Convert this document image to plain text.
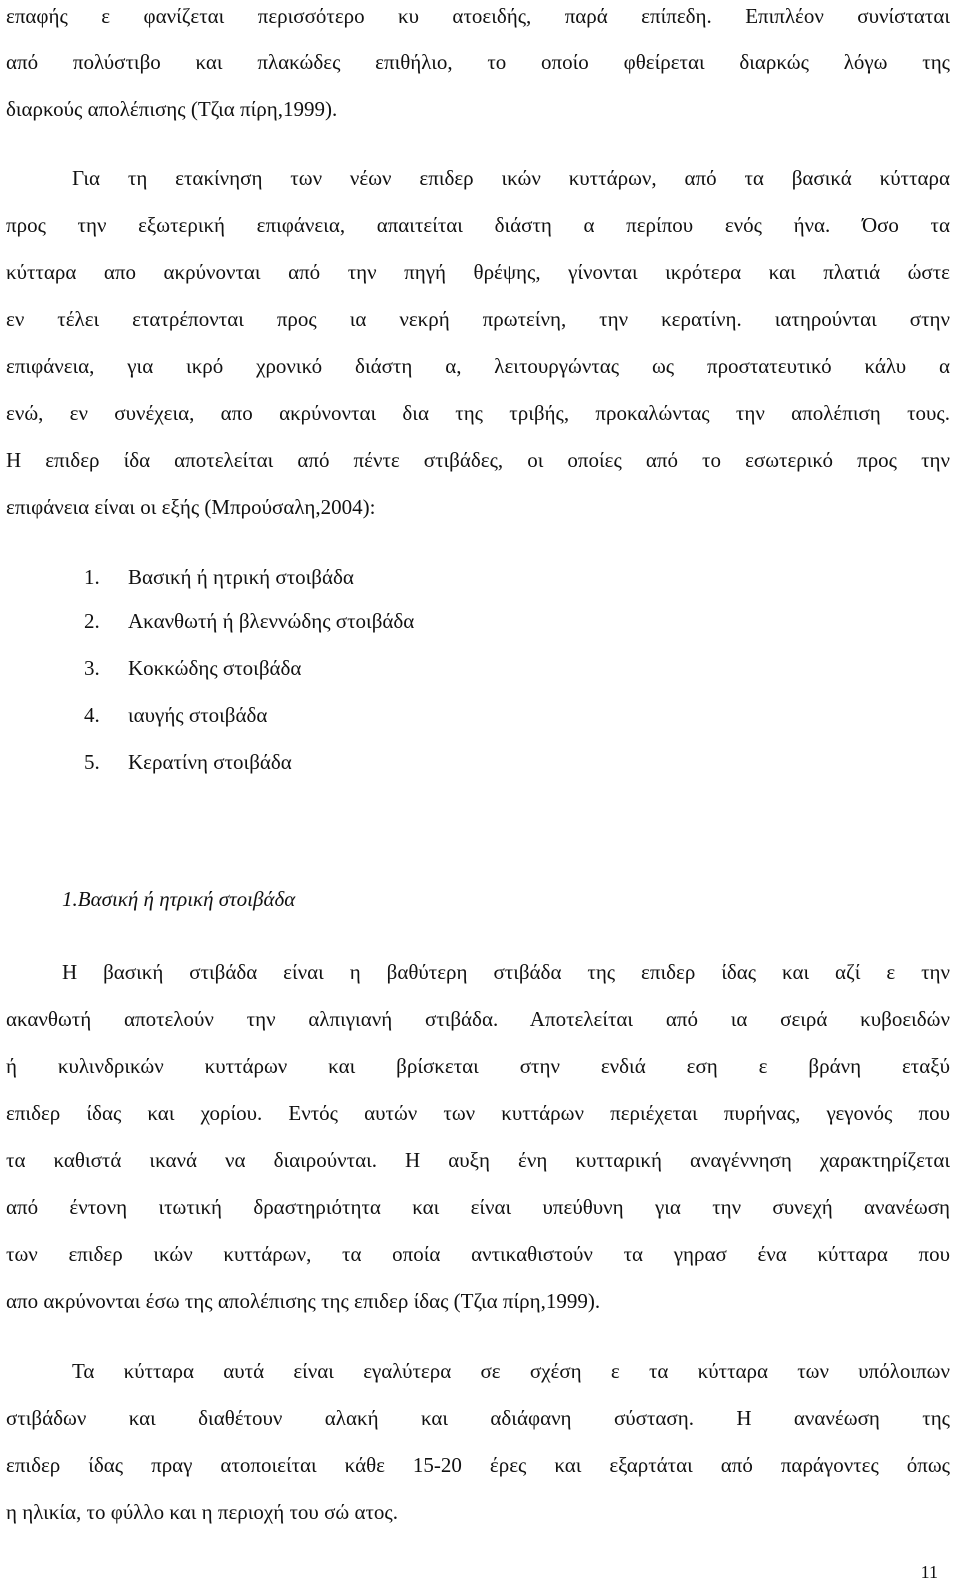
επαφής ε φανίζεται περισσότερο κυ ατοειδής, παρά επίπεδη. Επιπλέον συνίσταται
από πολύστιβο και πλακώδες επιθήλιο, το οποίο φθείρεται διαρκώς λόγω της
διαρκούς απολέπισης (Τζια πίρη,1999).
Για τη ετακίνηση των νέων επιδερ ικών κυττάρων, από τα βασικά κύτταρα
προς την εξωτερική επιφάνεια, απαιτείται διάστη α περίπου ενός ήνα. Όσο τα
κύτταρα απο ακρύνονται από την πηγή θρέψης, γίνονται ικρότερα και πλατιά ώστε
εν τέλει ετατρέπονται προς ια νεκρή πρωτείνη, την κερατίνη. ιατηρούνται στην
επιφάνεια, για ικρό χρονικό διάστη α, λειτουργώντας ως προστατευτικό κάλυ α
ενώ, εν συνέχεια, απο ακρύνονται δια της τριβής, προκαλώντας την απολέπιση τους.
Η επιδερ ίδα αποτελείται από πέντε στιβάδες, οι οποίες από το εσωτερικό προς την
επιφάνεια είναι οι εξής (Μπρούσαλη,2004):
1. Βασική ή ητρική στοιβάδα
2. Ακανθωτή ή βλεννώδης στοιβάδα
3. Κοκκώδης στοιβάδα
4. ιαυγής στοιβάδα
5. Κερατίνη στοιβάδα
1.Βασική ή ητρική στοιβάδα
Η βασική στιβάδα είναι η βαθύτερη στιβάδα της επιδερ ίδας και αζί ε την
ακανθωτή αποτελούν την αλπιγιανή στιβάδα. Αποτελείται από ια σειρά κυβοειδών
ή κυλινδρικών κυττάρων και βρίσκεται στην ενδιά εση ε βράνη εταξύ
επιδερ ίδας και χορίου. Εντός αυτών των κυττάρων περιέχεται πυρήνας, γεγονός που
τα καθιστά ικανά να διαιρούνται. Η αυξη ένη κυτταρική αναγέννηση χαρακτηρίζεται
από έντονη ιτωτική δραστηριότητα και είναι υπεύθυνη για την συνεχή ανανέωση
των επιδερ ικών κυττάρων, τα οποία αντικαθιστούν τα γηρασ ένα κύτταρα που
απο ακρύνονται έσω της απολέπισης της επιδερ ίδας (Τζια πίρη,1999).
Τα κύτταρα αυτά είναι εγαλύτερα σε σχέση ε τα κύτταρα των υπόλοιπων
στιβάδων και διαθέτουν αλακή και αδιάφανη σύσταση. Η ανανέωση της
επιδερ ίδας πραγ ατοποιείται κάθε 15-20 έρες και εξαρτάται από παράγοντες όπως
η ηλικία, το φύλλο και η περιοχή του σώ ατος.
11
